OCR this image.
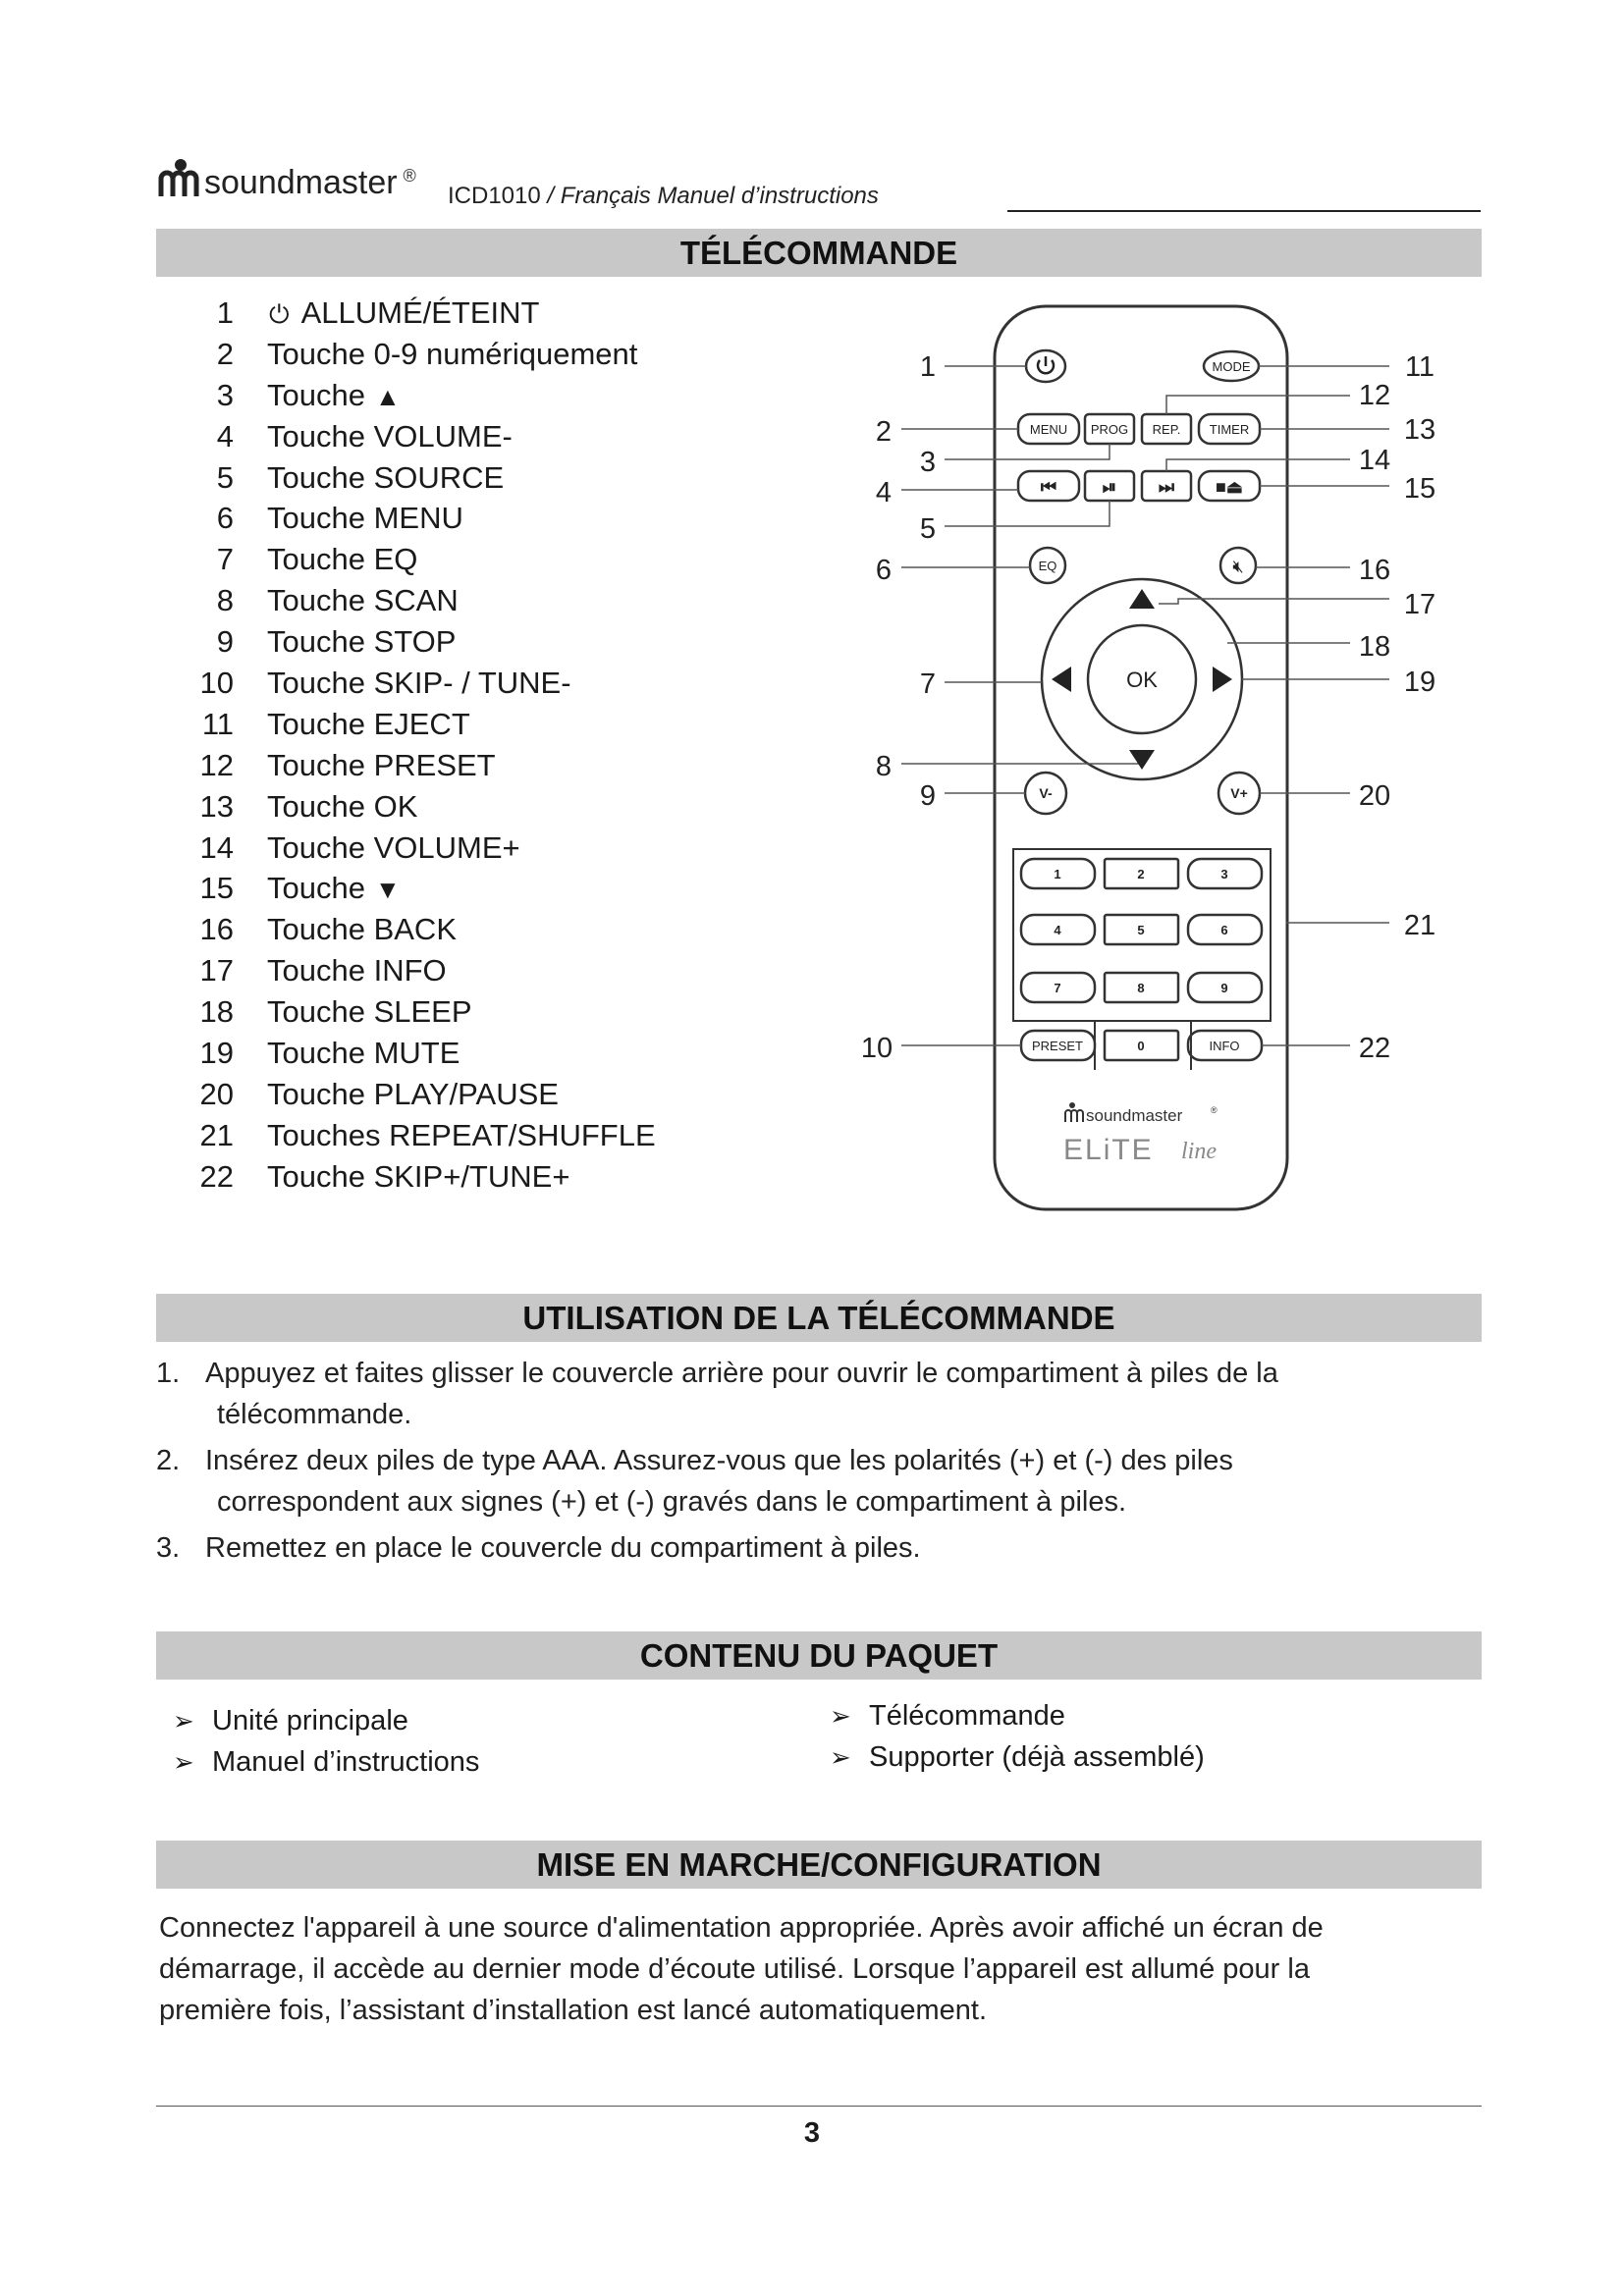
soundmaster ®
ICD1010 / Français Manuel d’instructions
TÉLÉCOMMANDE
1 ⏻ ALLUMÉ/ÉTEINT
2 Touche 0-9 numériquement
3 Touche ▲
4 Touche VOLUME-
5 Touche SOURCE
6 Touche MENU
7 Touche EQ
8 Touche SCAN
9 Touche STOP
10 Touche SKIP- / TUNE-
11 Touche EJECT
12 Touche PRESET
13 Touche OK
14 Touche VOLUME+
15 Touche ▼
16 Touche BACK
17 Touche INFO
18 Touche SLEEP
19 Touche MUTE
20 Touche PLAY/PAUSE
21 Touches REPEAT/SHUFFLE
22 Touche SKIP+/TUNE+
1
2
3
4
5
6
7
8
9
10
11
12
13
14
15
16
17
18
19
20
21
22
MODE
MENU PROG REP. TIMER
⏮	⏯ ⏭ ■⏏
EQ	🔇︎
V-	V+
OK
1	2	3
4	5	6
7	8	9
0
PRESET	INFO
soundmaster	®
ELiTE line
UTILISATION DE LA TÉLÉCOMMANDE
1. Appuyez et faites glisser le couvercle arrière pour ouvrir le compartiment à piles de la
télécommande.
2. Insérez deux piles de type AAA. Assurez-vous que les polarités (+) et (-) des piles
correspondent aux signes (+) et (-) gravés dans le compartiment à piles.
3. Remettez en place le couvercle du compartiment à piles.
CONTENU DU PAQUET
➢ Unité principale
➢ Manuel d’instructions
➢ Télécommande
➢ Supporter (déjà assemblé)
MISE EN MARCHE/CONFIGURATION
Connectez l'appareil à une source d'alimentation appropriée. Après avoir affiché un écran de
démarrage, il accède au dernier mode d’écoute utilisé. Lorsque l’appareil est allumé pour la
première fois, l’assistant d’installation est lancé automatiquement.
3
